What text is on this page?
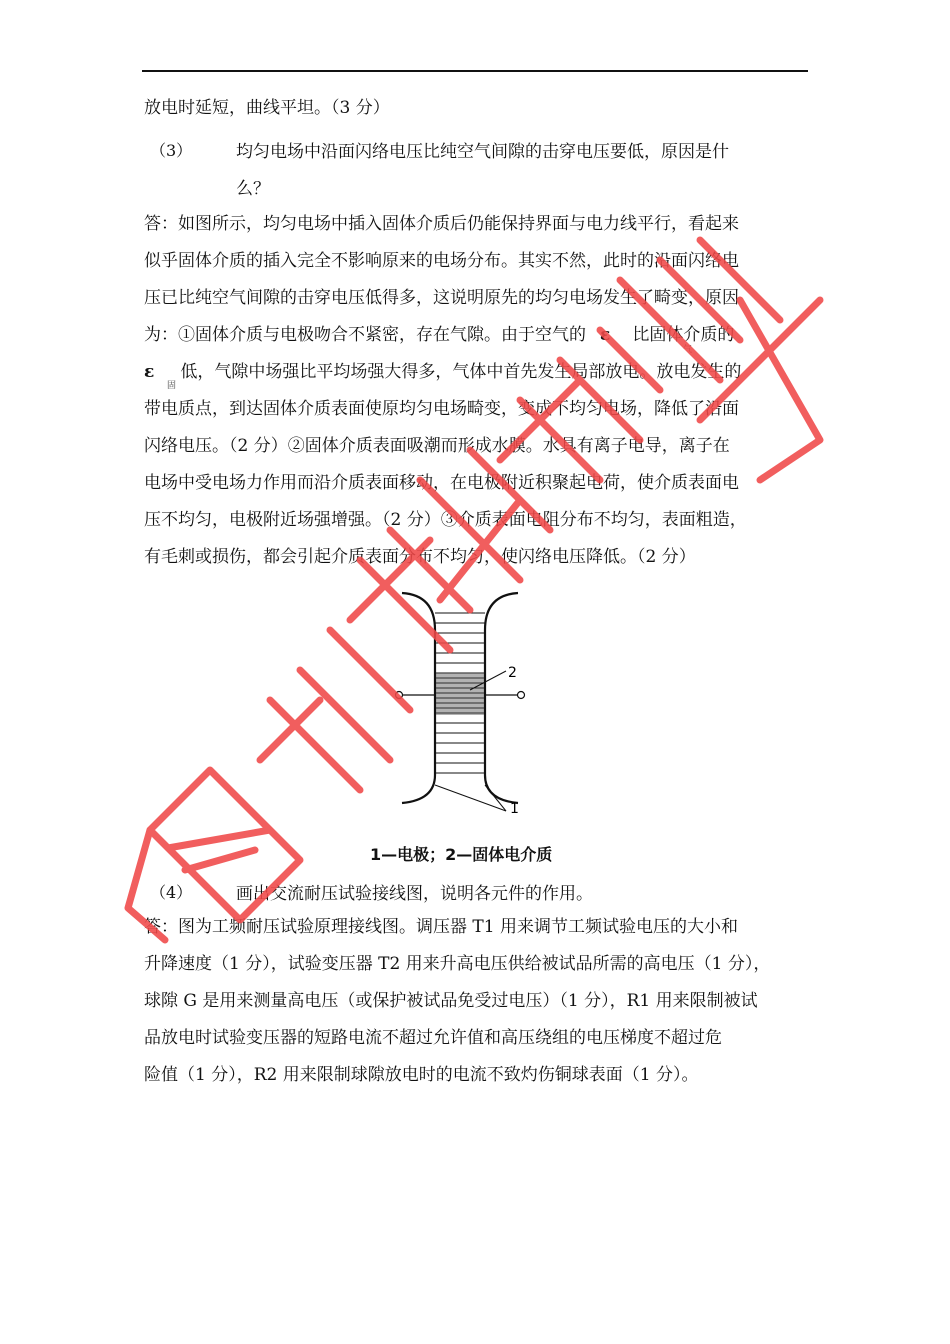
放电时延短，曲线平坦。（3 分）
（3）	均匀电场中沿面闪络电压比纯空气间隙的击穿电压要低，原因是什
么？
答：如图所示，均匀电场中插入固体介质后仍能保持界面与电力线平行，看起来
似乎固体介质的插入完全不影响原来的电场分布。其实不然，此时的沿面闪络电
压已比纯空气间隙的击穿电压低得多，这说明原先的均匀电场发生了畸变，原因
为：①固体介质与电极吻合不紧密，存在气隙。由于空气的 ε 比固体介质的
气
ε 低，气隙中场强比平均场强大得多，气体中首先发生局部放电。放电发生的
固
带电质点，到达固体介质表面使原均匀电场畸变，变成不均匀电场，降低了沿面
闪络电压。（2 分）②固体介质表面吸潮而形成水膜。水具有离子电导，离子在
电场中受电场力作用而沿介质表面移动，在电极附近积聚起电荷，使介质表面电
压不均匀，电极附近场强增强。（2 分）③介质表面电阻分布不均匀，表面粗造，
有毛刺或损伤，都会引起介质表面分布不均匀，使闪络电压降低。（2 分）
2
1
1—电极；2—固体电介质
（4）	画出交流耐压试验接线图，说明各元件的作用。
答：图为工频耐压试验原理接线图。调压器 T1 用来调节工频试验电压的大小和
升降速度（1 分），试验变压器 T2 用来升高电压供给被试品所需的高电压（1 分），
球隙 G 是用来测量高电压（或保护被试品免受过电压）（1 分），R1 用来限制被试
品放电时试验变压器的短路电流不超过允许值和高压绕组的电压梯度不超过危
险值（1 分），R2 用来限制球隙放电时的电流不致灼伤铜球表面（1 分）。
